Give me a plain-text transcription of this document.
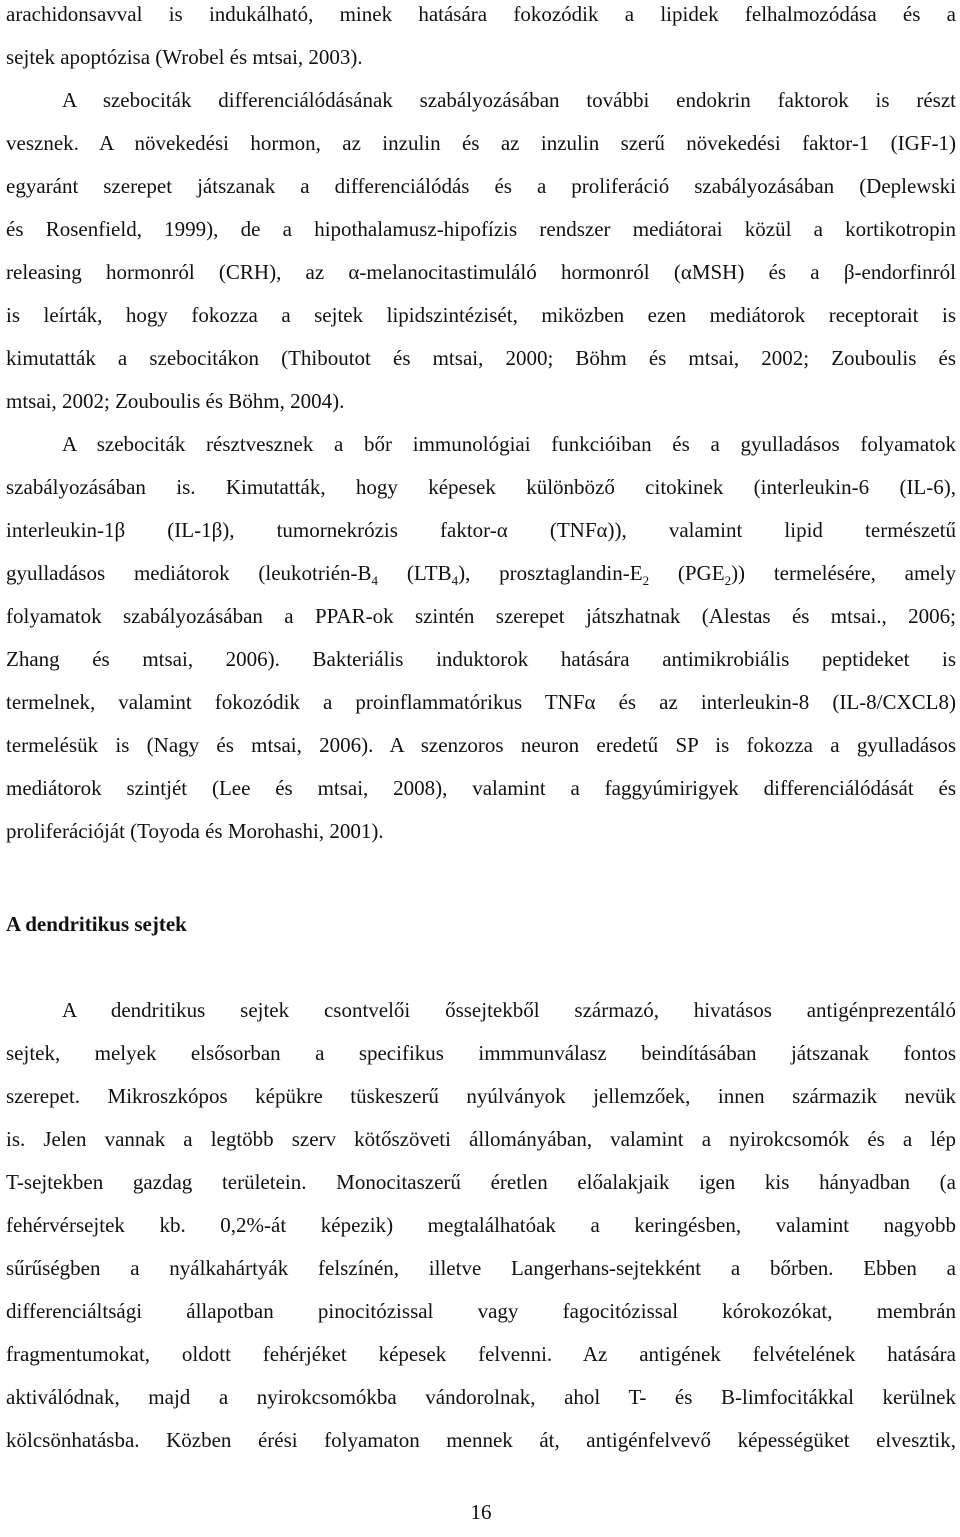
arachidonsavval is indukálható, minek hatására fokozódik a lipidek felhalmozódása és a
sejtek apoptózisa (Wrobel és mtsai, 2003).
A szebociták differenciálódásának szabályozásában további endokrin faktorok is részt
vesznek. A növekedési hormon, az inzulin és az inzulin szerű növekedési faktor-1 (IGF-1)
egyaránt szerepet játszanak a differenciálódás és a proliferáció szabályozásában (Deplewski
és Rosenfield, 1999), de a hipothalamusz-hipofízis rendszer mediátorai közül a kortikotropin
releasing hormonról (CRH), az α-melanocitastimuláló hormonról (αMSH) és a β-endorfinról
is leírták, hogy fokozza a sejtek lipidszintézisét, miközben ezen mediátorok receptorait is
kimutatták a szebocitákon (Thiboutot és mtsai, 2000; Böhm és mtsai, 2002; Zouboulis és
mtsai, 2002; Zouboulis és Böhm, 2004).
A szebociták résztvesznek a bőr immunológiai funkcióiban és a gyulladásos folyamatok
szabályozásában is. Kimutatták, hogy képesek különböző citokinek (interleukin-6 (IL-6),
interleukin-1β (IL-1β), tumornekrózis faktor-α (TNFα)), valamint lipid természetű
gyulladásos mediátorok ($leukotrién-B_4$ $(LTB_4)$, prosztaglandin-$E_2$ $(PGE_2)$) termelésére, amely
folyamatok szabályozásában a PPAR-ok szintén szerepet játszhatnak (Alestas és mtsai., 2006;
Zhang és mtsai, 2006). Bakteriális induktorok hatására antimikrobiális peptideket is
termelnek, valamint fokozódik a proinflammatórikus TNFα és az interleukin-8 (IL-8/CXCL8)
termelésük is (Nagy és mtsai, 2006). A szenzoros neuron eredetű SP is fokozza a gyulladásos
mediátorok szintjét (Lee és mtsai, 2008), valamint a faggyúmirigyek differenciálódását és
proliferációját (Toyoda és Morohashi, 2001).
A dendritikus sejtek
A dendritikus sejtek csontvelői őssejtekből származó, hivatásos antigénprezentáló
sejtek, melyek elsősorban a specifikus immmunválasz beindításában játszanak fontos
szerepet. Mikroszkópos képükre tüskeszerű nyúlványok jellemzőek, innen származik nevük
is. Jelen vannak a legtöbb szerv kötőszöveti állományában, valamint a nyirokcsomók és a lép
T-sejtekben gazdag területein. Monocitaszerű éretlen előalakjaik igen kis hányadban (a
fehérvérsejtek kb. 0,2%-át képezik) megtalálhatóak a keringésben, valamint nagyobb
sűrűségben a nyálkahártyák felszínén, illetve Langerhans-sejtekként a bőrben. Ebben a
differenciáltsági állapotban pinocitózissal vagy fagocitózissal kórokozókat, membrán
fragmentumokat, oldott fehérjéket képesek felvenni. Az antigének felvételének hatására
aktiválódnak, majd a nyirokcsomókba vándorolnak, ahol T- és B-limfocitákkal kerülnek
kölcsönhatásba. Közben érési folyamaton mennek át, antigénfelvevő képességüket elvesztik,
16
